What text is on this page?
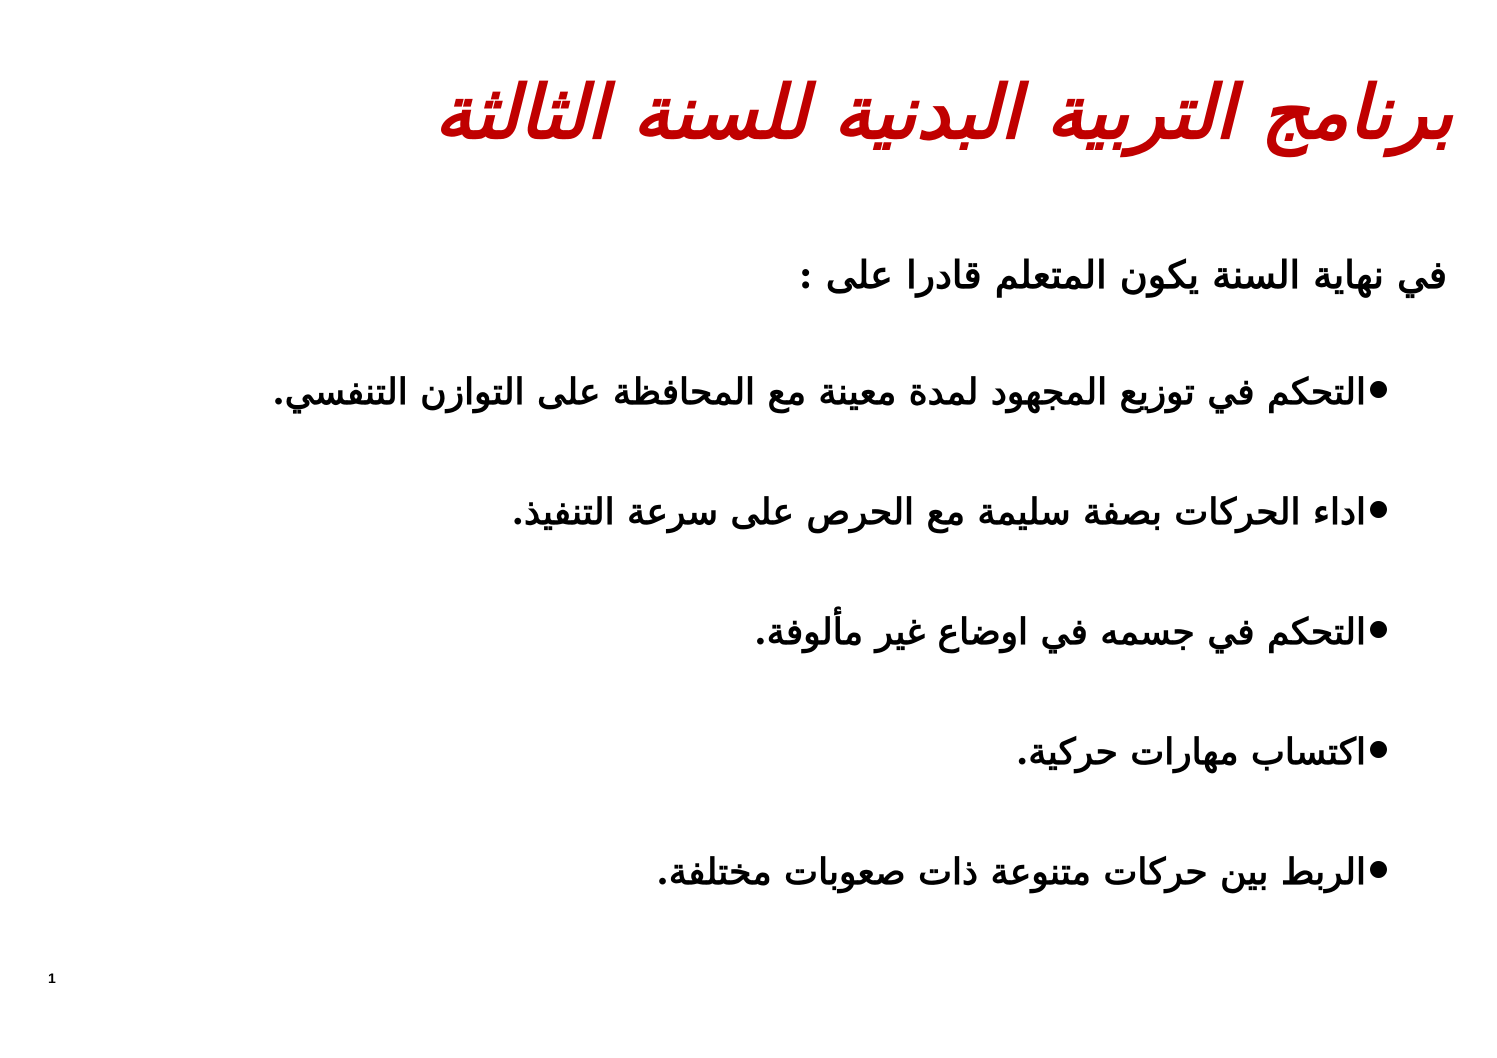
برنامج التربية البدنية للسنة الثالثة

في نهاية السنة يكون المتعلم قادرا على :

التحكم في توزيع المجهود لمدة معينة مع المحافظة على التوازن التنفسي.
اداء الحركات بصفة سليمة مع الحرص على سرعة التنفيذ.
التحكم في جسمه في اوضاع غير مألوفة.
اكتساب مهارات حركية.
الربط بين حركات متنوعة ذات صعوبات مختلفة.
1
